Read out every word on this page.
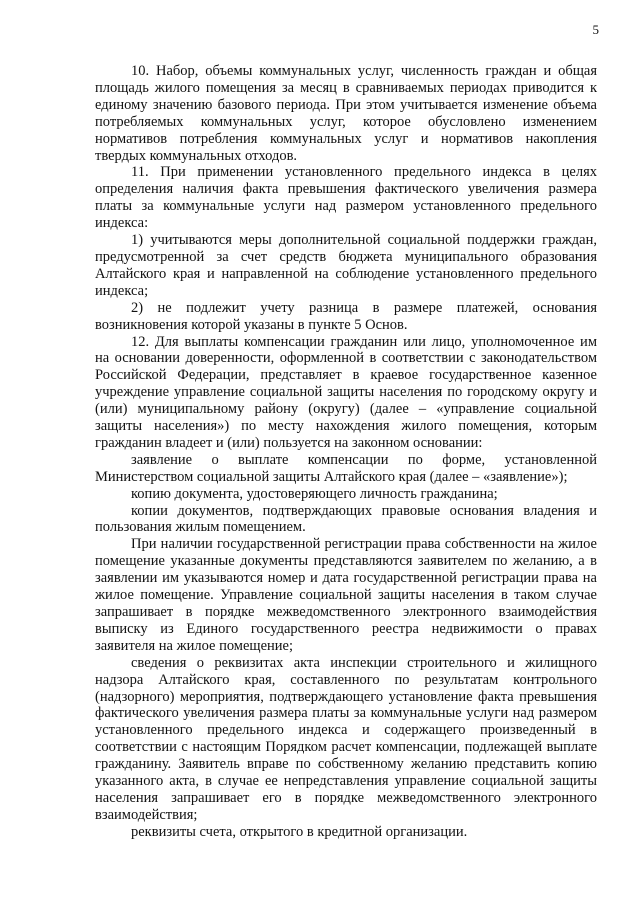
5

10. Набор, объемы коммунальных услуг, численность граждан и общая площадь жилого помещения за месяц в сравниваемых периодах приводится к единому значению базового периода. При этом учитывается изменение объема потребляемых коммунальных услуг, которое обусловлено изменением нормативов потребления коммунальных услуг и нормативов накопления твердых коммунальных отходов.

11. При применении установленного предельного индекса в целях определения наличия факта превышения фактического увеличения размера платы за коммунальные услуги над размером установленного предельного индекса:

1) учитываются меры дополнительной социальной поддержки граждан, предусмотренной за счет средств бюджета муниципального образования Алтайского края и направленной на соблюдение установленного предельного индекса;

2) не подлежит учету разница в размере платежей, основания возникновения которой указаны в пункте 5 Основ.

12. Для выплаты компенсации гражданин или лицо, уполномоченное им на основании доверенности, оформленной в соответствии с законодательством Российской Федерации, представляет в краевое государственное казенное учреждение управление социальной защиты населения по городскому округу и (или) муниципальному району (округу) (далее – «управление социальной защиты населения») по месту нахождения жилого помещения, которым гражданин владеет и (или) пользуется на законном основании:

заявление о выплате компенсации по форме, установленной Министерством социальной защиты Алтайского края (далее – «заявление»);

копию документа, удостоверяющего личность гражданина;

копии документов, подтверждающих правовые основания владения и пользования жилым помещением.

При наличии государственной регистрации права собственности на жилое помещение указанные документы представляются заявителем по желанию, а в заявлении им указываются номер и дата государственной регистрации права на жилое помещение. Управление социальной защиты населения в таком случае запрашивает в порядке межведомственного электронного взаимодействия выписку из Единого государственного реестра недвижимости о правах заявителя на жилое помещение;

сведения о реквизитах акта инспекции строительного и жилищного надзора Алтайского края, составленного по результатам контрольного (надзорного) мероприятия, подтверждающего установление факта превышения фактического увеличения размера платы за коммунальные услуги над размером установленного предельного индекса и содержащего произведенный в соответствии с настоящим Порядком расчет компенсации, подлежащей выплате гражданину. Заявитель вправе по собственному желанию представить копию указанного акта, в случае ее непредставления управление социальной защиты населения запрашивает его в порядке межведомственного электронного взаимодействия;

реквизиты счета, открытого в кредитной организации.
